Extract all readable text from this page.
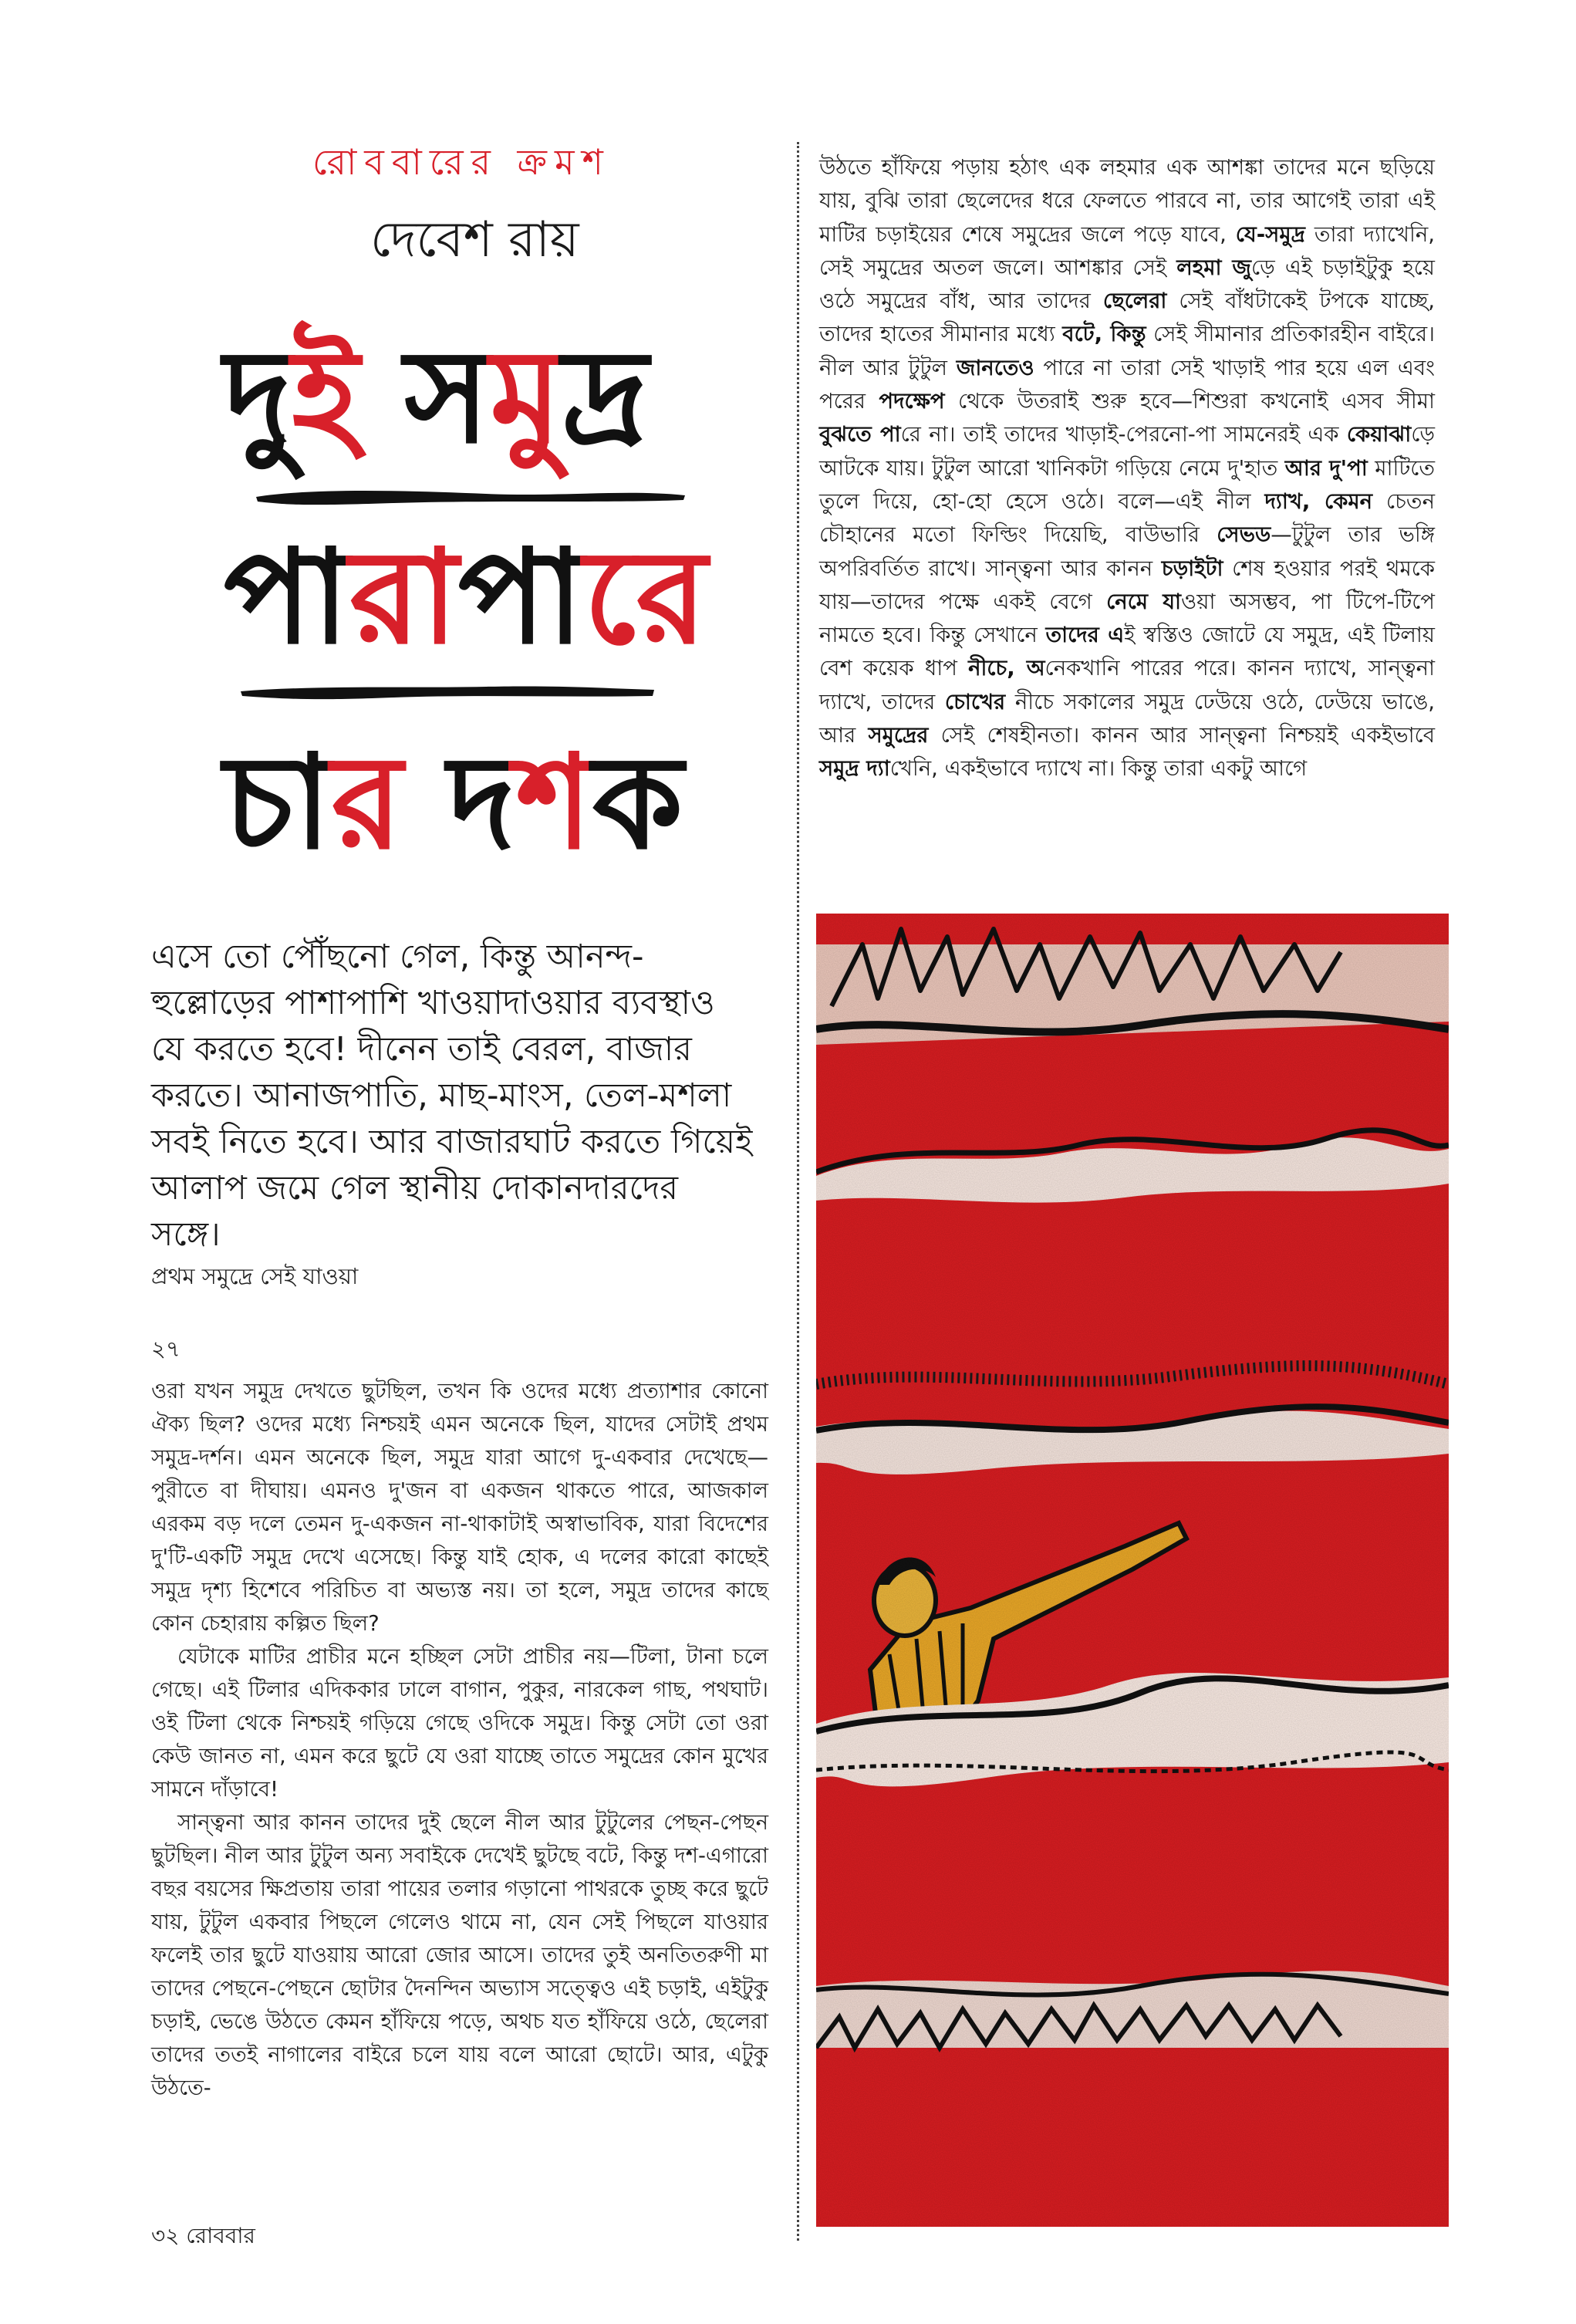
রোববারের ক্রমশ
দেবেশ রায়
দুই সমুদ্র
পারাপারে
চার দশক

এসে তো পৌঁছনো গেল, কিন্তু আনন্দ-হুল্লোড়ের পাশাপাশি খাওয়াদাওয়ার ব্যবস্থাও যে করতে হবে! দীনেন তাই বেরল, বাজার করতে। আনাজপাতি, মাছ-মাংস, তেল-মশলা সবই নিতে হবে। আর বাজারঘাট করতে গিয়েই আলাপ জমে গেল স্থানীয় দোকানদারদের সঙ্গে।

প্রথম সমুদ্রে সেই যাওয়া
২৭

ওরা যখন সমুদ্র দেখতে ছুটছিল, তখন কি ওদের মধ্যে প্রত্যাশার কোনো ঐক্য ছিল? ওদের মধ্যে নিশ্চয়ই এমন অনেকে ছিল, যাদের সেটাই প্রথম সমুদ্র-দর্শন। এমন অনেকে ছিল, সমুদ্র যারা আগে দু-একবার দেখেছে—পুরীতে বা দীঘায়। এমনও দু'জন বা একজন থাকতে পারে, আজকাল এরকম বড় দলে তেমন দু-একজন না-থাকাটাই অস্বাভাবিক, যারা বিদেশের দু'টি-একটি সমুদ্র দেখে এসেছে। কিন্তু যাই হোক, এ দলের কারো কাছেই সমুদ্র দৃশ্য হিশেবে পরিচিত বা অভ্যস্ত নয়। তা হলে, সমুদ্র তাদের কাছে কোন চেহারায় কল্পিত ছিল?

যেটাকে মাটির প্রাচীর মনে হচ্ছিল সেটা প্রাচীর নয়—টিলা, টানা চলে গেছে। এই টিলার এদিককার ঢালে বাগান, পুকুর, নারকেল গাছ, পথঘাট। ওই টিলা থেকে নিশ্চয়ই গড়িয়ে গেছে ওদিকে সমুদ্র। কিন্তু সেটা তো ওরা কেউ জানত না, এমন করে ছুটে যে ওরা যাচ্ছে তাতে সমুদ্রের কোন মুখের সামনে দাঁড়াবে!

সান্ত্বনা আর কানন তাদের দুই ছেলে নীল আর টুটুলের পেছন-পেছন ছুটছিল। নীল আর টুটুল অন্য সবাইকে দেখেই ছুটছে বটে, কিন্তু দশ-এগারো বছর বয়সের ক্ষিপ্রতায় তারা পায়ের তলার গড়ানো পাথরকে তুচ্ছ করে ছুটে যায়, টুটুল একবার পিছলে গেলেও থামে না, যেন সেই পিছলে যাওয়ার ফলেই তার ছুটে যাওয়ায় আরো জোর আসে। তাদের তুই অনতিতরুণী মা তাদের পেছনে-পেছনে ছোটার দৈনন্দিন অভ্যাস সত্ত্বেও এই চড়াই, এইটুকু চড়াই, ভেঙে উঠতে কেমন হাঁফিয়ে পড়ে, অথচ যত হাঁফিয়ে ওঠে, ছেলেরা তাদের ততই নাগালের বাইরে চলে যায় বলে আরো ছোটে। আর, এটুকু উঠতে-

৩২ রোববার

উঠতে হাঁফিয়ে পড়ায় হঠাৎ এক লহমার এক আশঙ্কা তাদের মনে ছড়িয়ে যায়, বুঝি তারা ছেলেদের ধরে ফেলতে পারবে না, তার আগেই তারা এই মাটির চড়াইয়ের শেষে সমুদ্রের জলে পড়ে যাবে, যে-সমুদ্র তারা দ্যাখেনি, সেই সমুদ্রের অতল জলে। আশঙ্কার সেই লহমা জুড়ে এই চড়াইটুকু হয়ে ওঠে সমুদ্রের বাঁধ, আর তাদের ছেলেরা সেই বাঁধটাকেই টপকে যাচ্ছে, তাদের হাতের সীমানার মধ্যে বটে, কিন্তু সেই সীমানার প্রতিকারহীন বাইরে। নীল আর টুটুল জানতেও পারে না তারা সেই খাড়াই পার হয়ে এল এবং পরের পদক্ষেপ থেকে উতরাই শুরু হবে—শিশুরা কখনোই এসব সীমা বুঝতে পারে না। তাই তাদের খাড়াই-পেরনো-পা সামনেরই এক কেয়াঝাড়ে আটকে যায়। টুটুল আরো খানিকটা গড়িয়ে নেমে দু'হাত আর দু'পা মাটিতে তুলে দিয়ে, হো-হো হেসে ওঠে। বলে—এই নীল দ্যাখ, কেমন চেতন চৌহানের মতো ফিল্ডিং দিয়েছি, বাউভারি সেভড—টুটুল তার ভঙ্গি অপরিবর্তিত রাখে। সান্ত্বনা আর কানন চড়াইটা শেষ হওয়ার পরই থমকে যায়—তাদের পক্ষে একই বেগে নেমে যাওয়া অসম্ভব, পা টিপে-টিপে নামতে হবে। কিন্তু সেখানে তাদের এই স্বস্তিও জোটে যে সমুদ্র, এই টিলায় বেশ কয়েক ধাপ নীচে, অনেকখানি পারের পরে। কানন দ্যাখে, সান্ত্বনা দ্যাখে, তাদের চোখের নীচে সকালের সমুদ্র ঢেউয়ে ওঠে, ঢেউয়ে ভাঙে, আর সমুদ্রের সেই শেষহীনতা। কানন আর সান্ত্বনা নিশ্চয়ই একইভাবে সমুদ্র দ্যাখেনি, একইভাবে দ্যাখে না। কিন্তু তারা একটু আগে
